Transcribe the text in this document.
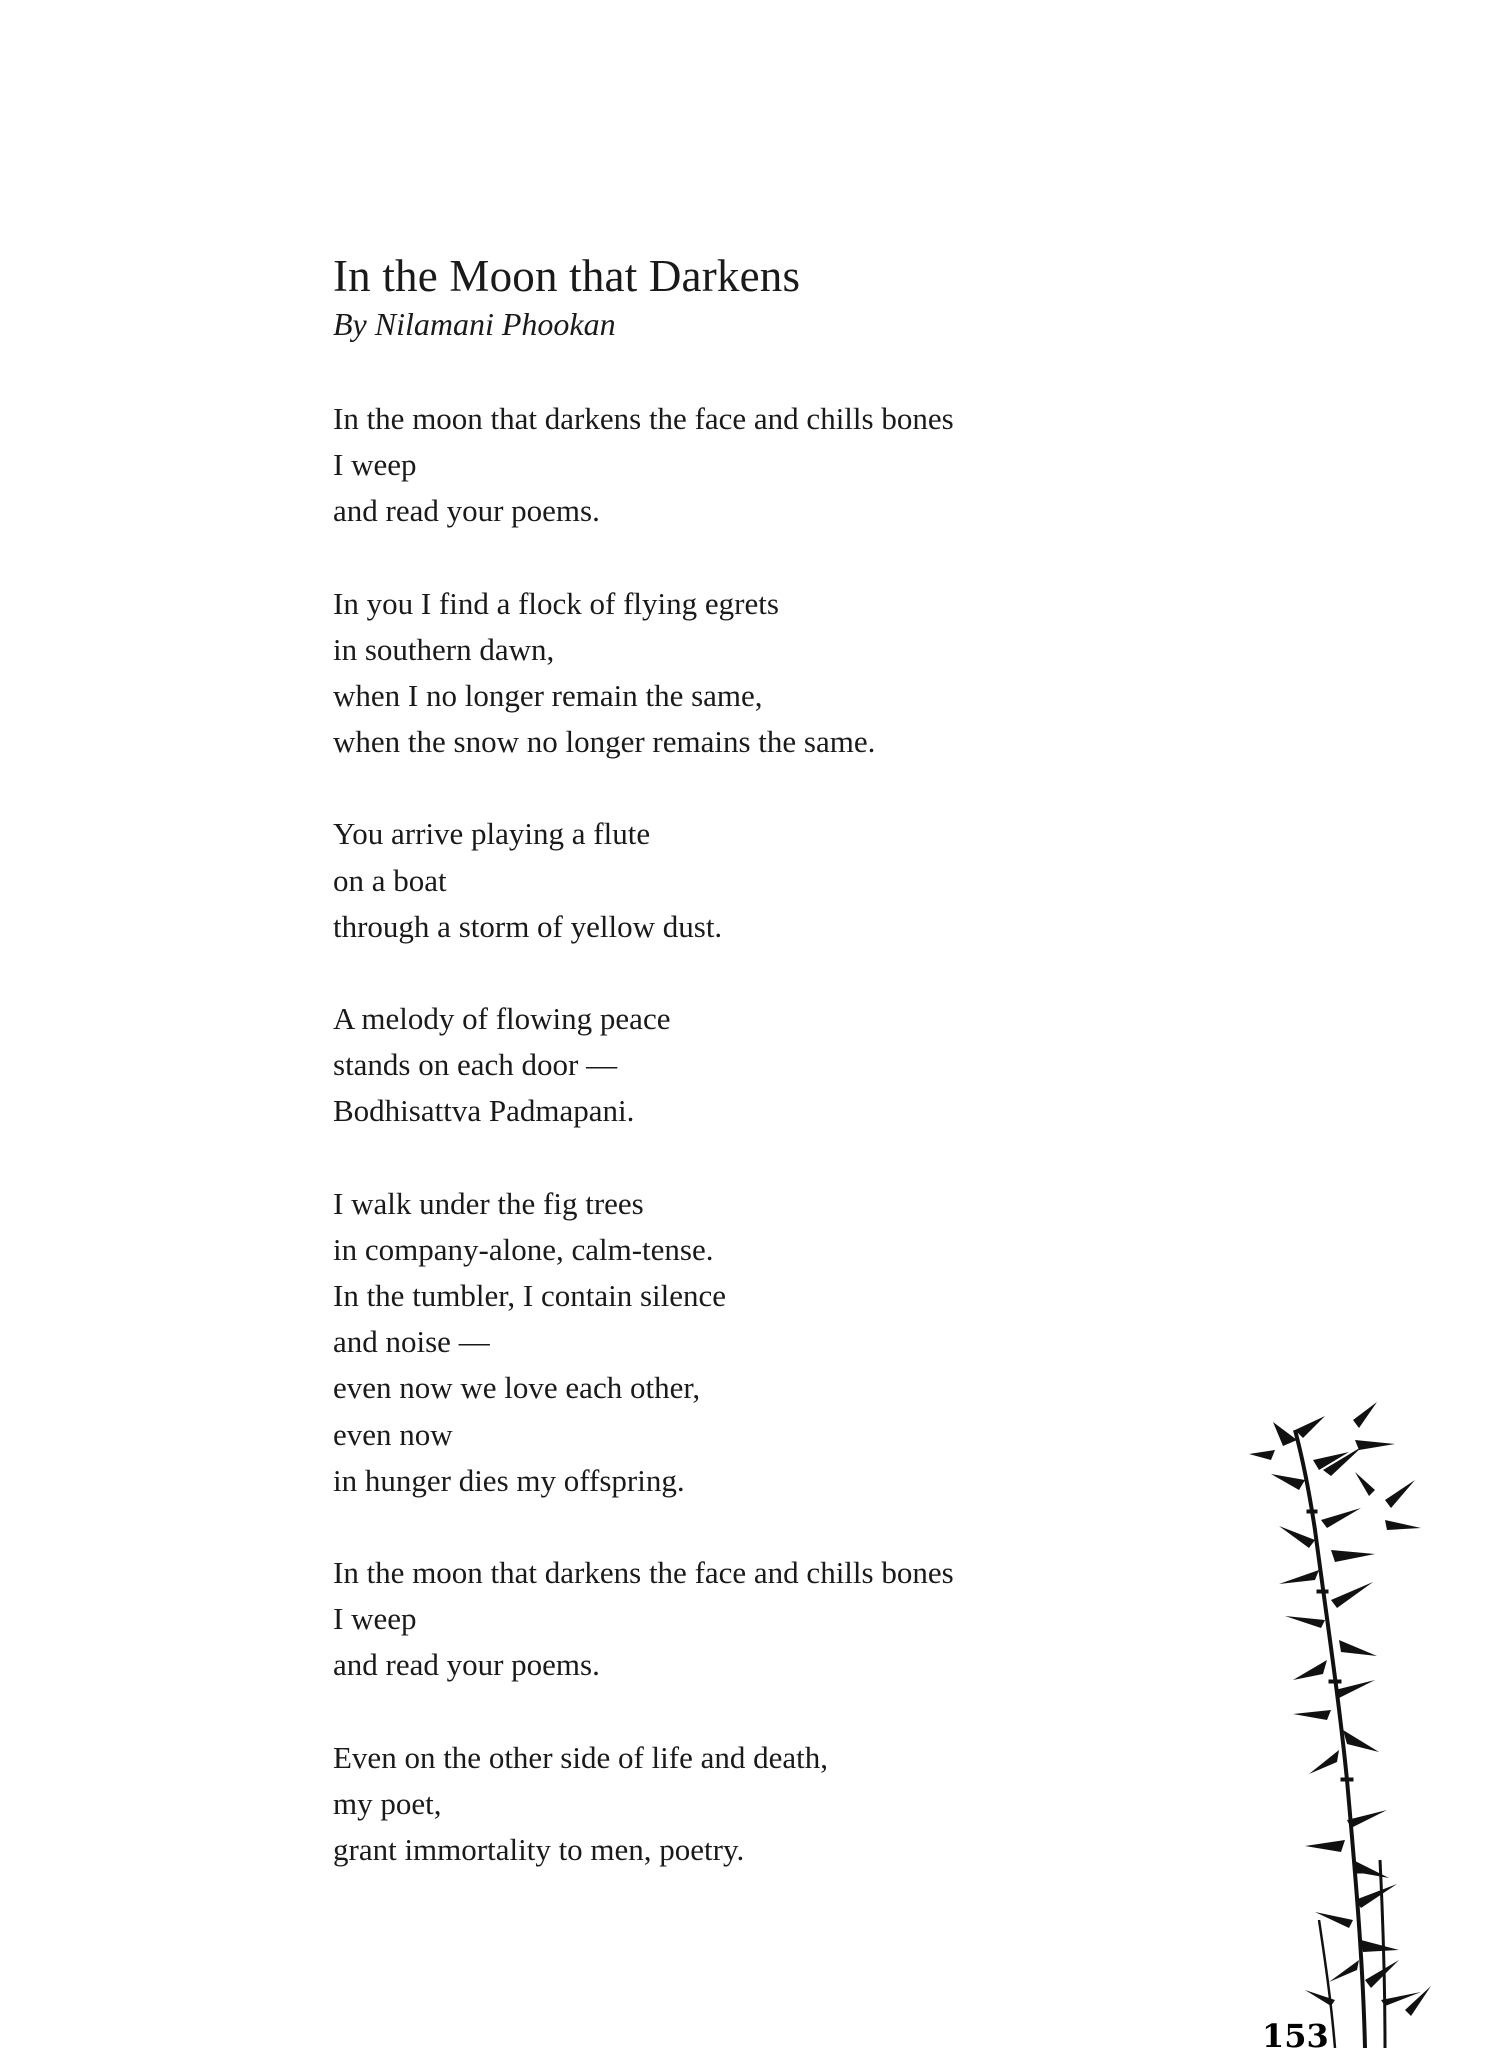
In the Moon that Darkens

By Nilamani Phookan

In the moon that darkens the face and chills bones
I weep
and read your poems.
In you I find a flock of flying egrets
in southern dawn,
when I no longer remain the same,
when the snow no longer remains the same.
You arrive playing a flute
on a boat
through a storm of yellow dust.
A melody of flowing peace
stands on each door —
Bodhisattva Padmapani.
I walk under the fig trees
in company-alone, calm-tense.
In the tumbler, I contain silence
and noise —
even now we love each other,
even now
in hunger dies my offspring.
In the moon that darkens the face and chills bones
I weep
and read your poems.
Even on the other side of life and death,
my poet,
grant immortality to men, poetry.
153
